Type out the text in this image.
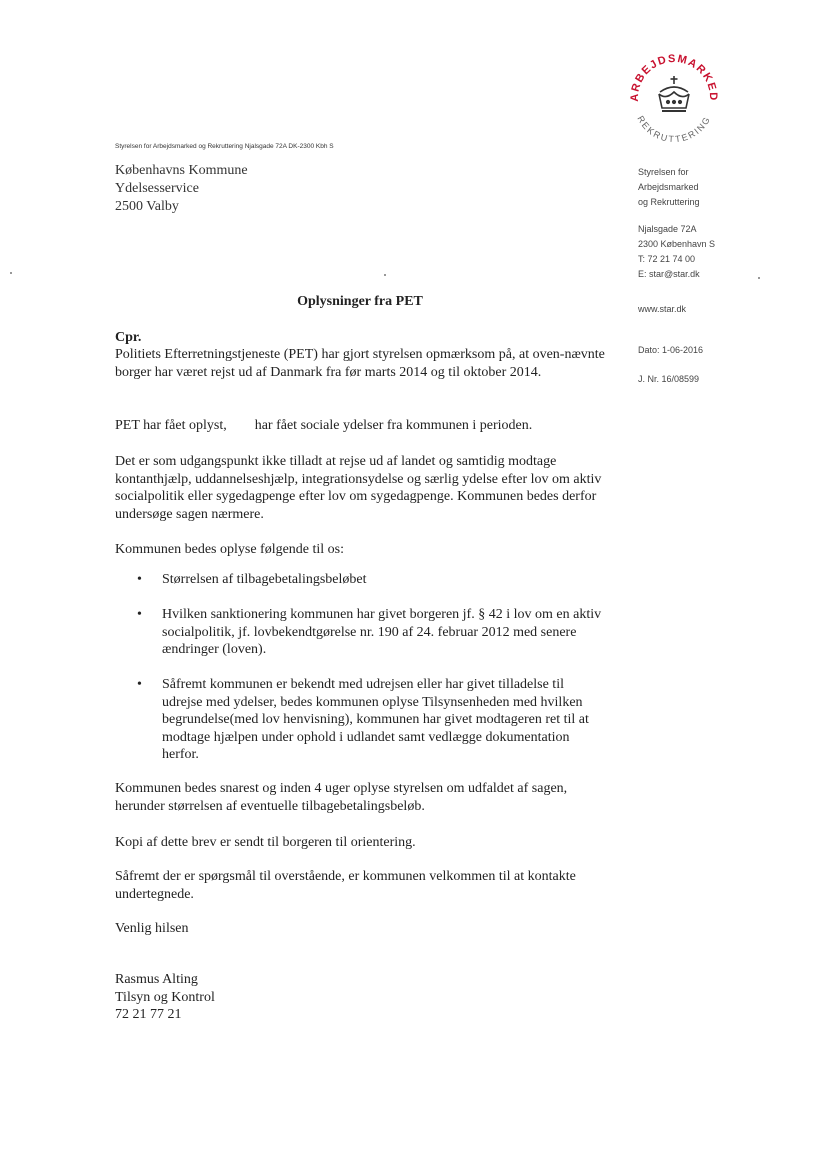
Styrelsen for Arbejdsmarked og Rekruttering Njalsgade 72A DK-2300 Kbh S
Københavns Kommune
Ydelsesservice
2500 Valby
ARBEJDSMARKED
REKRUTTERING
Styrelsen for
Arbejdsmarked
og Rekruttering
Njalsgade 72A
2300 København S
T: 72 21 74 00
E: star@star.dk
www.star.dk
Dato: 1-06-2016
J. Nr. 16/08599
Oplysninger fra PET
Cpr.
Politiets Efterretningstjeneste (PET) har gjort styrelsen opmærksom på, at oven-nævnte borger har været rejst ud af Danmark fra før marts 2014 og til oktober 2014.
PET har fået oplyst,        har fået sociale ydelser fra kommunen i perioden.
Det er som udgangspunkt ikke tilladt at rejse ud af landet og samtidig modtage kontanthjælp, uddannelseshjælp, integrationsydelse og særlig ydelse efter lov om aktiv socialpolitik eller sygedagpenge efter lov om sygedagpenge. Kommunen bedes derfor undersøge sagen nærmere.
Kommunen bedes oplyse følgende til os:
• Størrelsen af tilbagebetalingsbeløbet
• Hvilken sanktionering kommunen har givet borgeren jf. § 42 i lov om en aktiv socialpolitik, jf. lovbekendtgørelse nr. 190 af 24. februar 2012 med senere ændringer (loven).
• Såfremt kommunen er bekendt med udrejsen eller har givet tilladelse til udrejse med ydelser, bedes kommunen oplyse Tilsynsenheden med hvilken begrundelse(med lov henvisning), kommunen har givet modtageren ret til at modtage hjælpen under ophold i udlandet samt vedlægge dokumentation herfor.
Kommunen bedes snarest og inden 4 uger oplyse styrelsen om udfaldet af sagen, herunder størrelsen af eventuelle tilbagebetalingsbeløb.
Kopi af dette brev er sendt til borgeren til orientering.
Såfremt der er spørgsmål til overstående, er kommunen velkommen til at kontakte undertegnede.
Venlig hilsen
Rasmus Alting
Tilsyn og Kontrol
72 21 77 21
